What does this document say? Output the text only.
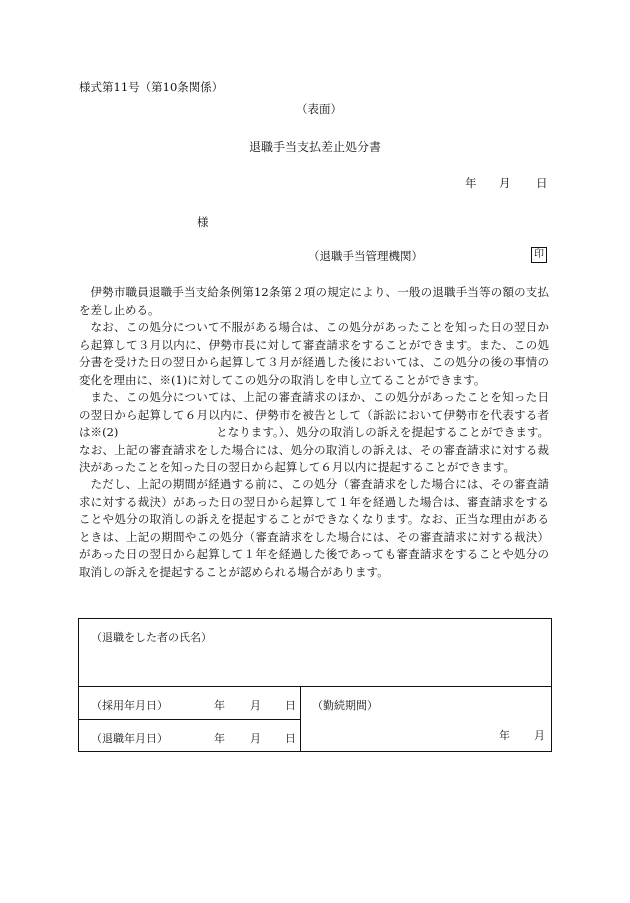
様式第11号（第10条関係）
（表面）
退職手当支払差止処分書
年 月 日
様
（退職手当管理機関）	印

伊勢市職員退職手当支給条例第12条第２項の規定により、一般の退職手当等の額の支払を差し止める。

なお、この処分について不服がある場合は、この処分があったことを知った日の翌日から起算して３月以内に、伊勢市長に対して審査請求をすることができます。また、この処分書を受けた日の翌日から起算して３月が経過した後においては、この処分の後の事情の変化を理由に、※(1)に対してこの処分の取消しを申し立てることができます。

また、この処分については、上記の審査請求のほか、この処分があったことを知った日の翌日から起算して６月以内に、伊勢市を被告として（訴訟において伊勢市を代表する者は※(2)	となります。）、処分の取消しの訴えを提起することができます。なお、上記の審査請求をした場合には、処分の取消しの訴えは、その審査請求に対する裁決があったことを知った日の翌日から起算して６月以内に提起することができます。

ただし、上記の期間が経過する前に、この処分（審査請求をした場合には、その審査請求に対する裁決）があった日の翌日から起算して１年を経過した場合は、審査請求をすることや処分の取消しの訴えを提起することができなくなります。なお、正当な理由があるときは、上記の期間やこの処分（審査請求をした場合には、その審査請求に対する裁決）があった日の翌日から起算して１年を経過した後であっても審査請求をすることや処分の取消しの訴えを提起することが認められる場合があります。

（退職をした者の氏名）
（採用年月日）	年 月 日
（退職年月日）	年 月 日
（勤続期間）
年 月
